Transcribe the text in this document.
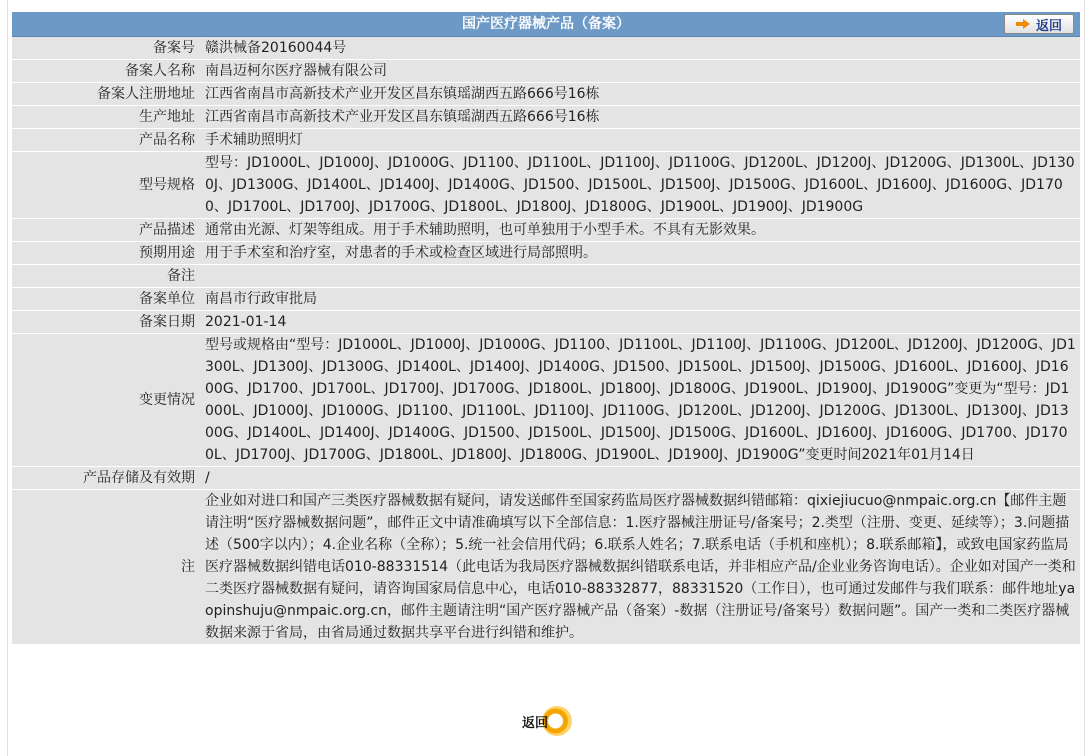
国产医疗器械产品（备案）	返回
备案号	赣洪械备20160044号
备案人名称	南昌迈柯尔医疗器械有限公司
备案人注册地址	江西省南昌市高新技术产业开发区昌东镇瑶湖西五路666号16栋
生产地址	江西省南昌市高新技术产业开发区昌东镇瑶湖西五路666号16栋
产品名称	手术辅助照明灯
型号规格	型号：JD1000L、JD1000J、JD1000G、JD1100、JD1100L、JD1100J、JD1100G、JD1200L、JD1200J、JD1200G、JD1300L、JD1300J、JD1300G、JD1400L、JD1400J、JD1400G、JD1500、JD1500L、JD1500J、JD1500G、JD1600L、JD1600J、JD1600G、JD1700、JD1700L、JD1700J、JD1700G、JD1800L、JD1800J、JD1800G、JD1900L、JD1900J、JD1900G
产品描述	通常由光源、灯架等组成。用于手术辅助照明，也可单独用于小型手术。不具有无影效果。
预期用途	用于手术室和治疗室，对患者的手术或检查区域进行局部照明。
备注	
备案单位	南昌市行政审批局
备案日期	2021-01-14
变更情况	型号或规格由“型号：JD1000L、JD1000J、JD1000G、JD1100、JD1100L、JD1100J、JD1100G、JD1200L、JD1200J、JD1200G、JD1300L、JD1300J、JD1300G、JD1400L、JD1400J、JD1400G、JD1500、JD1500L、JD1500J、JD1500G、JD1600L、JD1600J、JD1600G、JD1700、JD1700L、JD1700J、JD1700G、JD1800L、JD1800J、JD1800G、JD1900L、JD1900J、JD1900G”变更为“型号：JD1000L、JD1000J、JD1000G、JD1100、JD1100L、JD1100J、JD1100G、JD1200L、JD1200J、JD1200G、JD1300L、JD1300J、JD1300G、JD1400L、JD1400J、JD1400G、JD1500、JD1500L、JD1500J、JD1500G、JD1600L、JD1600J、JD1600G、JD1700、JD1700L、JD1700J、JD1700G、JD1800L、JD1800J、JD1800G、JD1900L、JD1900J、JD1900G”变更时间2021年01月14日
产品存储及有效期	/
注	企业如对进口和国产三类医疗器械数据有疑问，请发送邮件至国家药监局医疗器械数据纠错邮箱：qixiejiucuo@nmpaic.org.cn【邮件主题请注明“医疗器械数据问题”，邮件正文中请准确填写以下全部信息：1.医疗器械注册证号/备案号；2.类型（注册、变更、延续等）；3.问题描述（500字以内）；4.企业名称（全称）；5.统一社会信用代码；6.联系人姓名；7.联系电话（手机和座机）；8.联系邮箱】，或致电国家药监局医疗器械数据纠错电话010-88331514（此电话为我局医疗器械数据纠错联系电话，并非相应产品/企业业务咨询电话）。企业如对国产一类和二类医疗器械数据有疑问，请咨询国家局信息中心，电话010-88332877，88331520（工作日），也可通过发邮件与我们联系：邮件地址yaopinshuju@nmpaic.org.cn，邮件主题请注明“国产医疗器械产品（备案）-数据（注册证号/备案号）数据问题”。国产一类和二类医疗器械数据来源于省局，由省局通过数据共享平台进行纠错和维护。
返回
